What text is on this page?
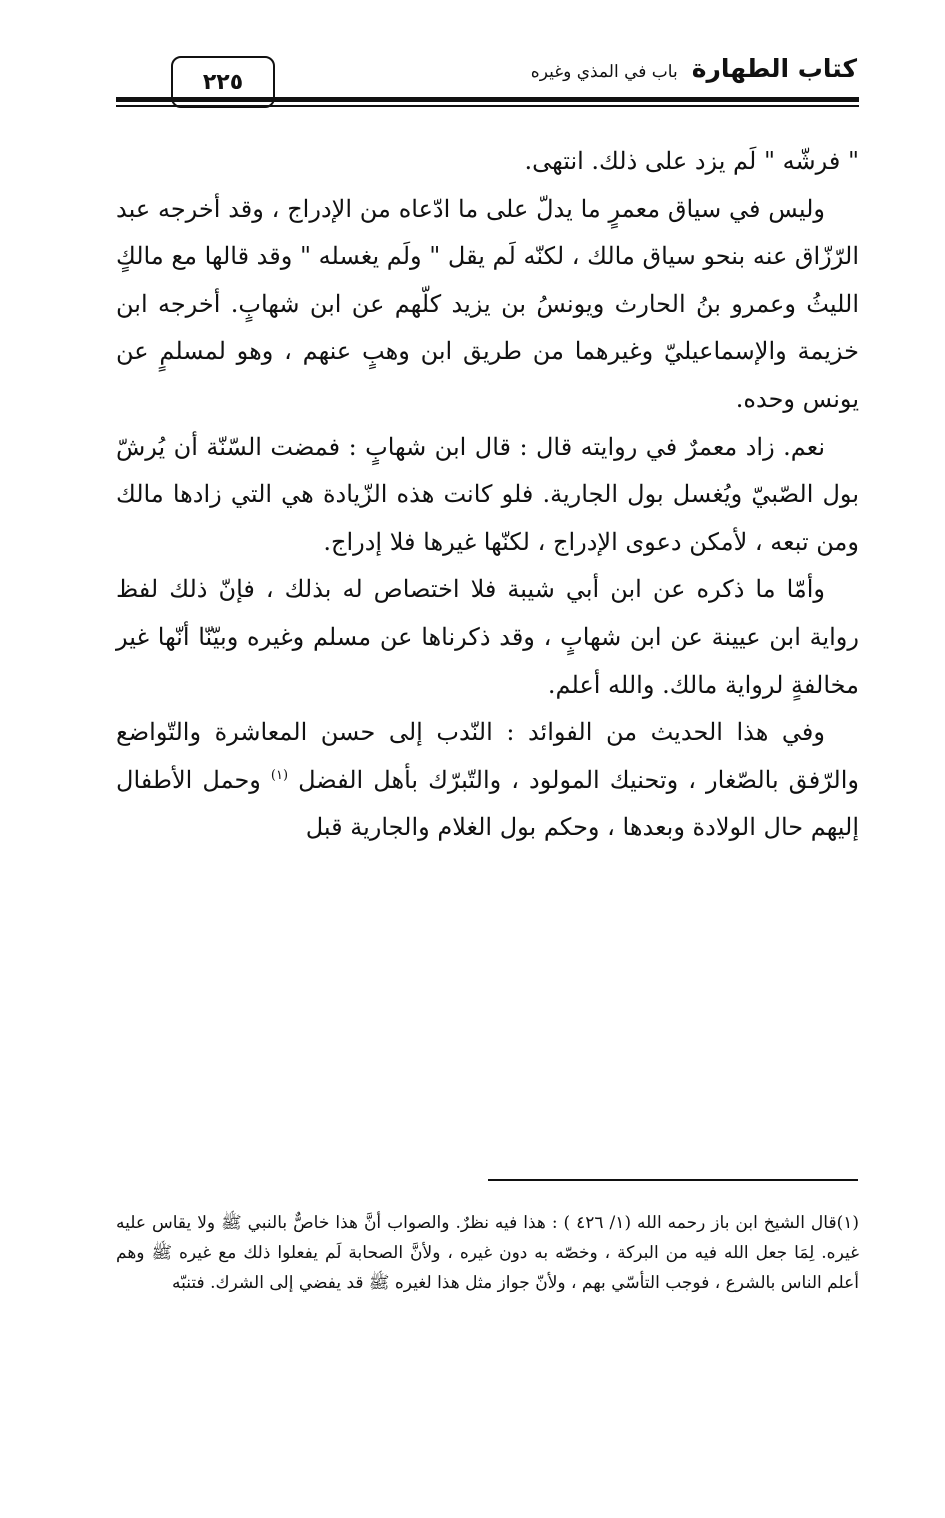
٢٢٥	كتاب الطهارة
باب في المذي وغيره

" فرشّه " لَم يزد على ذلك. انتهى.

وليس في سياق معمرٍ ما يدلّ على ما ادّعاه من الإدراج ، وقد أخرجه عبد الرّزّاق عنه بنحو سياق مالك ، لكنّه لَم يقل " ولَم يغسله " وقد قالها مع مالكٍ الليثُ وعمرو بنُ الحارث ويونسُ بن يزيد كلّهم عن ابن شهابٍ. أخرجه ابن خزيمة والإسماعيليّ وغيرهما من طريق ابن وهبٍ عنهم ، وهو لمسلمٍ عن يونس وحده.

نعم. زاد معمرٌ في روايته قال : قال ابن شهابٍ : فمضت السّنّة أن يُرشّ بول الصّبيّ ويُغسل بول الجارية. فلو كانت هذه الزّيادة هي التي زادها مالك ومن تبعه ، لأمكن دعوى الإدراج ، لكنّها غيرها فلا إدراج.

وأمّا ما ذكره عن ابن أبي شيبة فلا اختصاص له بذلك ، فإنّ ذلك لفظ رواية ابن عيينة عن ابن شهابٍ ، وقد ذكرناها عن مسلم وغيره وبيّنّا أنّها غير مخالفةٍ لرواية مالك. والله أعلم.

وفي هذا الحديث من الفوائد : النّدب إلى حسن المعاشرة والتّواضع والرّفق بالصّغار ، وتحنيك المولود ، والتّبرّك بأهل الفضل $^{(١)}$ وحمل الأطفال إليهم حال الولادة وبعدها ، وحكم بول الغلام والجارية قبل

(١)قال الشيخ ابن باز رحمه الله (١/ ٤٢٦ ) : هذا فيه نظرٌ. والصواب أنَّ هذا خاصٌّ بالنبي ﷺ ولا يقاس عليه غيره. لِمَا جعل الله فيه من البركة ، وخصّه به دون غيره ، ولأنَّ الصحابة لَم يفعلوا ذلك مع غيره ﷺ وهم أعلم الناس بالشرع ، فوجب التأسّي بهم ، ولأنّ جواز مثل هذا لغيره ﷺ قد يفضي إلى الشرك. فتنبّه
